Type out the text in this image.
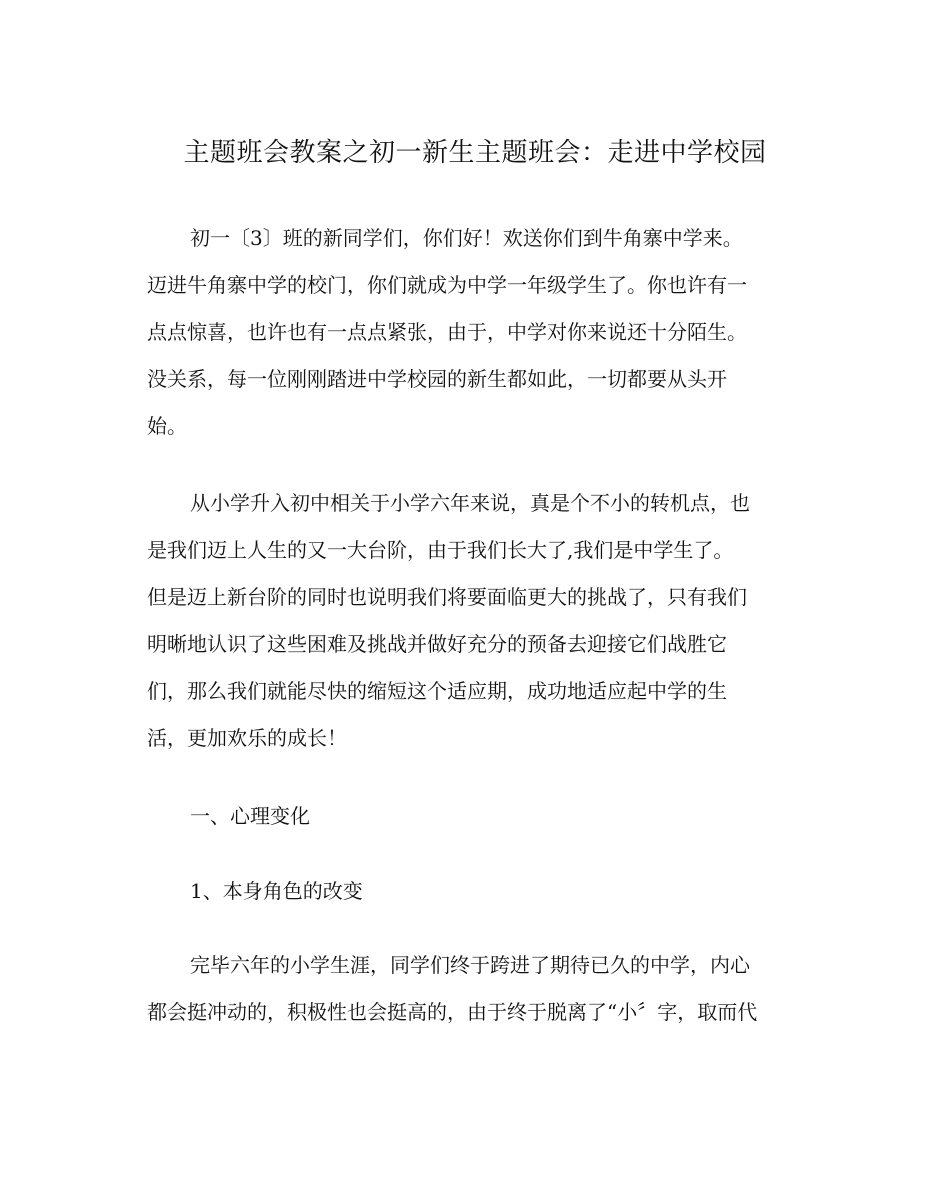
主题班会教案之初一新生主题班会：走进中学校园

初一〔3〕班的新同学们，你们好！欢送你们到牛角寨中学来。

迈进牛角寨中学的校门，你们就成为中学一年级学生了。你也许有一

点点惊喜，也许也有一点点紧张，由于，中学对你来说还十分陌生。

没关系，每一位刚刚踏进中学校园的新生都如此，一切都要从头开

始。

从小学升入初中相关于小学六年来说，真是个不小的转机点，也

是我们迈上人生的又一大台阶，由于我们长大了,我们是中学生了。

但是迈上新台阶的同时也说明我们将要面临更大的挑战了，只有我们

明晰地认识了这些困难及挑战并做好充分的预备去迎接它们战胜它

们，那么我们就能尽快的缩短这个适应期，成功地适应起中学的生

活，更加欢乐的成长！

一、心理变化

1、本身角色的改变

完毕六年的小学生涯，同学们终于跨进了期待已久的中学，内心

都会挺冲动的，积极性也会挺高的，由于终于脱离了“小〞字，取而代
